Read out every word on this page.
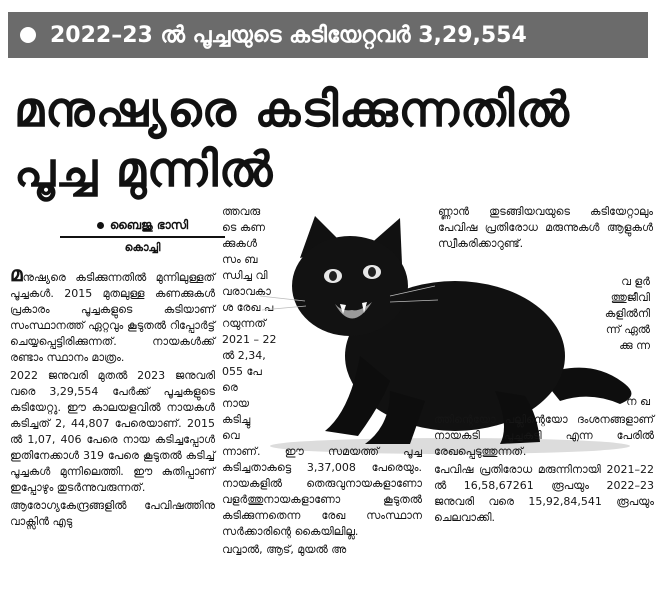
2022–23 ൽ പൂച്ചയുടെ കടിയേറ്റവർ 3,29,554
മനുഷ്യരെ കടിക്കുന്നതിൽ
പൂച്ച മുന്നിൽ
ബൈജു ഭാസി
കൊച്ചി

മനുഷ്യരെ കടിക്കുന്നതിൽ മുന്നിലുള്ളത് പൂച്ചകൾ. 2015 മുതലുള്ള കണക്കുകൾ പ്രകാരം പൂച്ചകളുടെ കടിയാണ് സംസ്ഥാനത്ത് ഏറ്റവും കൂടുതൽ റിപ്പോർട്ട് ചെയ്യപ്പെട്ടിരിക്കുന്നത്. നായകൾക്ക് രണ്ടാം സ്ഥാനം മാത്രം.

2022 ജനുവരി മുതൽ 2023 ജനുവരി വരെ 3,29,554 പേർക്ക് പൂച്ചകളുടെ കടിയേറ്റു. ഈ കാലയളവിൽ നായകൾ കടിച്ചത് 2, 44,807 പേരെയാണ്. 2015 ൽ 1,07, 406 പേരെ നായ കടിച്ചപ്പോൾ ഇതിനേക്കാൾ 319 പേരെ കൂടുതൽ കടിച്ച് പൂച്ചകൾ മുന്നിലെത്തി. ഈ കുതിപ്പാണ് ഇപ്പോഴും തുടർന്നുവരുന്നത്.

ആരോഗ്യകേന്ദ്രങ്ങളിൽ പേവിഷത്തിനു വാക്സിൻ എടു

ത്തവരു
ടെ കണ
ക്കുകൾ
സം ബ
ന്ധിച്ച വി
വരാവകാ
ശ രേഖ പ
റയുന്നത്
2021 – 22
ൽ 2,34,
055 പേ
രെ
നായ
കടിച്ചു
വെ

ന്നാണ്. ഈ സമയത്ത് പൂച്ച കടിച്ചതാകട്ടെ 3,37,008 പേരെയും. നായകളിൽ തെരുവുനായകളാണോ വളർത്തുനായകളാണോ കൂടുതൽ കടിക്കുന്നതെന്ന രേഖ സംസ്ഥാന സർക്കാരിന്റെ കൈയിലില്ല.

വവ്വാൽ, ആട്, മുയൽ അ

ണ്ണാൻ തുടങ്ങിയവയുടെ കടിയേറ്റാലും പേവിഷ പ്രതിരോധ മരുന്നുകൾ ആളുകൾ സ്വീകരിക്കാറുണ്ട്.

വ ളർ
ത്തുജീവി
കളിൽനി
ന്ന് ഏൽ
ക്കു ന്ന
ന ഖ

ത്തിന്റെയോ പല്ലിന്റെയോ ദംശനങ്ങളാണ് നായകടി പൂച്ചകടി എന്ന പേരിൽ രേഖപ്പെടുത്തുന്നത്.

പേവിഷ പ്രതിരോധ മരുന്നിനായി 2021–22 ൽ 16,58,67261 രൂപയും 2022–23 ജനുവരി വരെ 15,92,84,541 രൂപയും ചെലവാക്കി.
